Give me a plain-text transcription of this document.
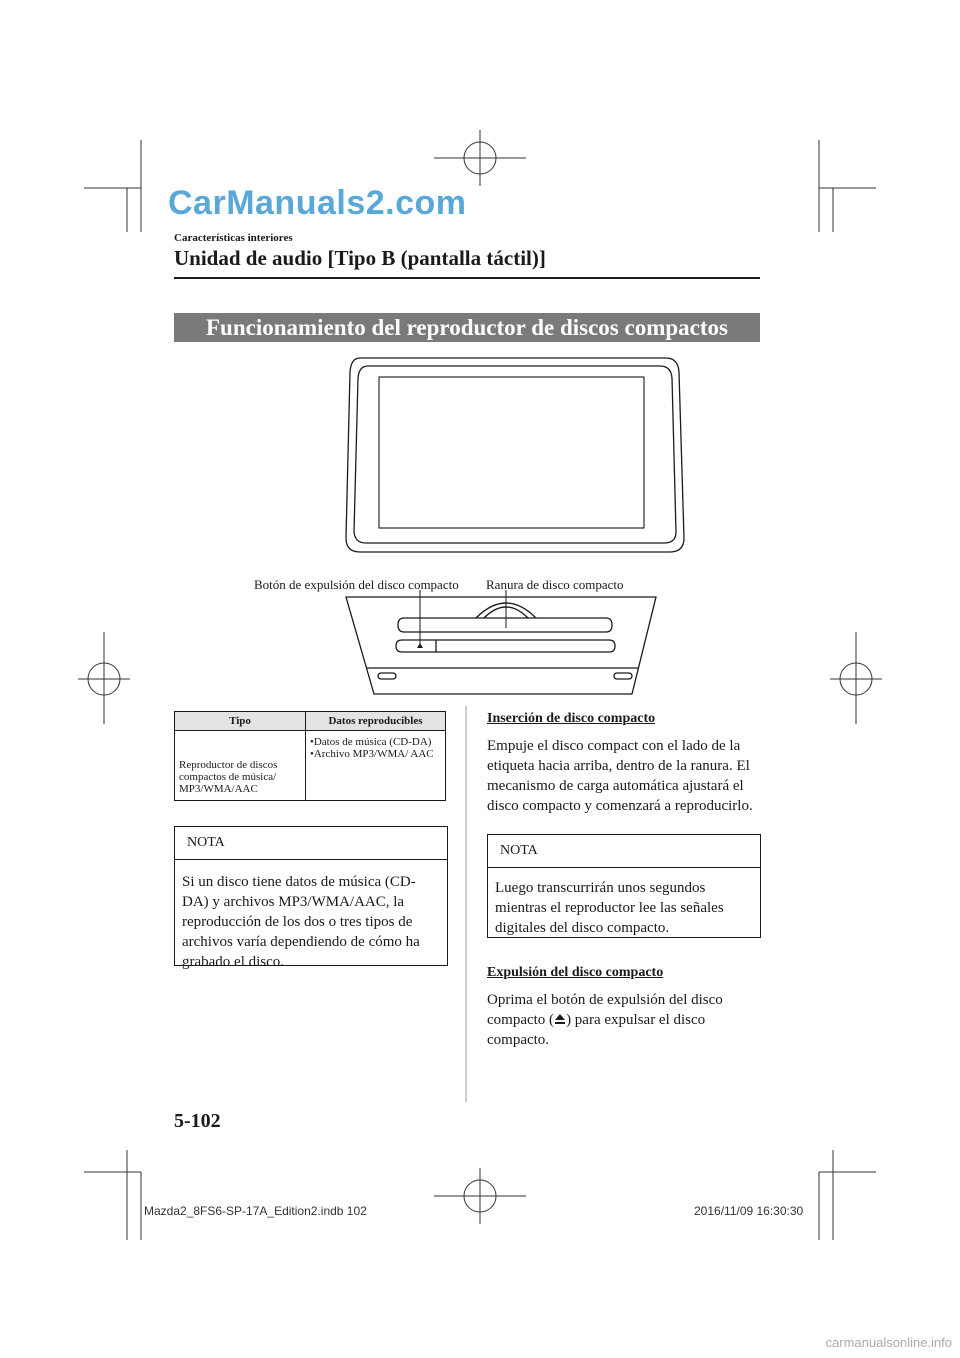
CarManuals2.com
Características interiores
Unidad de audio [Tipo B (pantalla táctil)]
Funcionamiento del reproductor de discos compactos
Botón de expulsión del disco compacto Ranura de disco compacto
Tipo	Datos reproducibles
Reproductor de discos compactos de música/ MP3/WMA/AAC	•Datos de música (CD-DA)
•Archivo MP3/WMA/ AAC
NOTA
Si un disco tiene datos de música (CD-DA) y archivos MP3/WMA/AAC, la reproducción de los dos o tres tipos de archivos varía dependiendo de cómo ha grabado el disco.
Inserción de disco compacto
Empuje el disco compact con el lado de la etiqueta hacia arriba, dentro de la ranura. El mecanismo de carga automática ajustará el disco compacto y comenzará a reproducirlo.
NOTA
Luego transcurrirán unos segundos mientras el reproductor lee las señales digitales del disco compacto.
Expulsión del disco compacto
Oprima el botón de expulsión del disco compacto ( ) para expulsar el disco compacto.
5-102
Mazda2_8FS6-SP-17A_Edition2.indb 102	2016/11/09 16:30:30
carmanualsonline.info
